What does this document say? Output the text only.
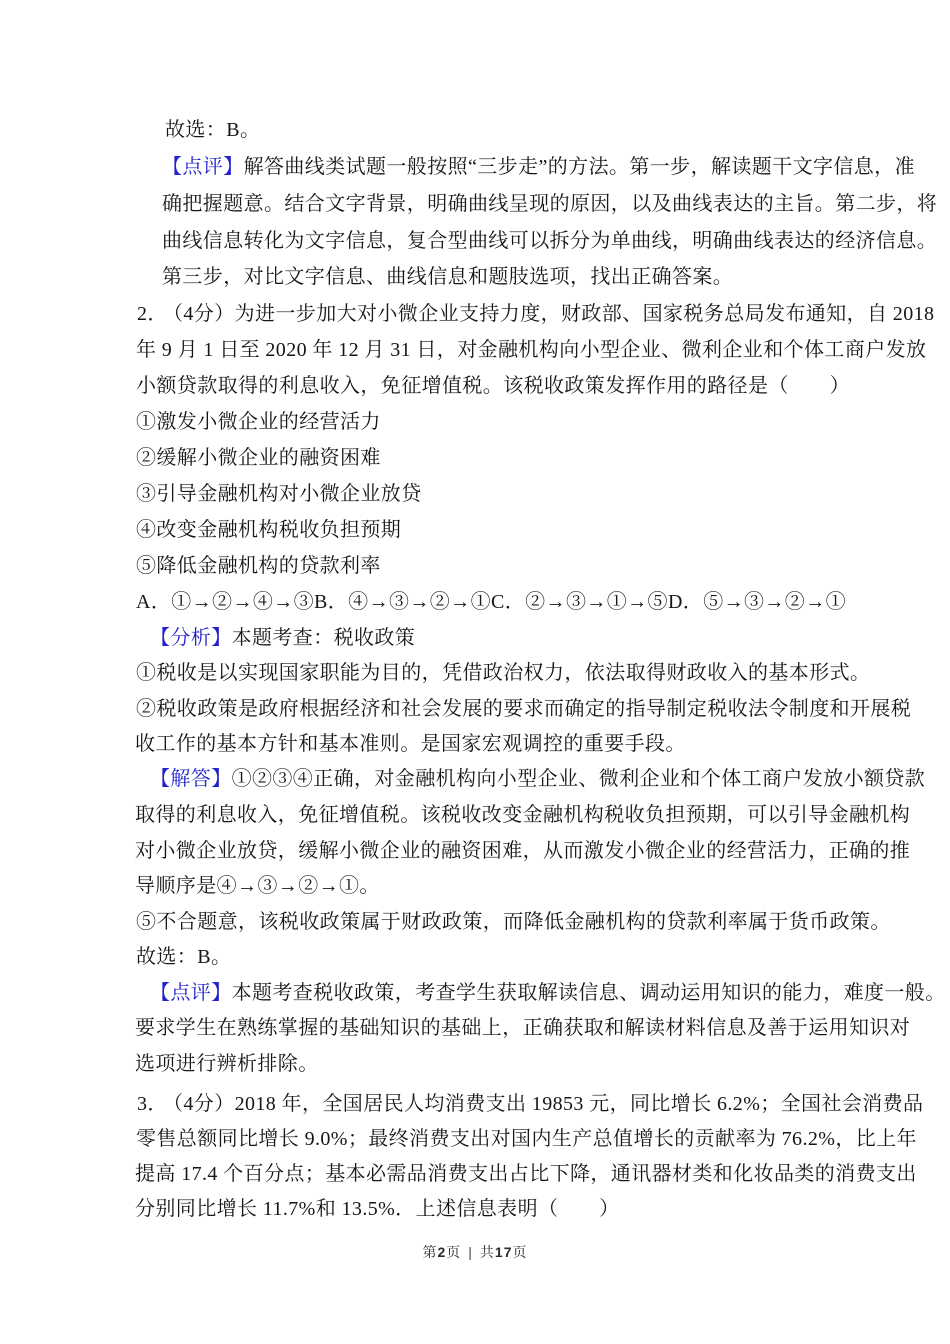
故选：B。
【点评】解答曲线类试题一般按照“三步走”的方法。第一步，解读题干文字信息，准
确把握题意。结合文字背景，明确曲线呈现的原因，以及曲线表达的主旨。第二步，将
曲线信息转化为文字信息，复合型曲线可以拆分为单曲线，明确曲线表达的经济信息。
第三步，对比文字信息、曲线信息和题肢选项，找出正确答案。
2．（4分）为进一步加大对小微企业支持力度，财政部、国家税务总局发布通知，自 2018
年 9 月 1 日至 2020 年 12 月 31 日，对金融机构向小型企业、微利企业和个体工商户发放
小额贷款取得的利息收入，免征增值税。该税收政策发挥作用的路径是（　　）
①激发小微企业的经营活力
②缓解小微企业的融资困难
③引导金融机构对小微企业放贷
④改变金融机构税收负担预期
⑤降低金融机构的贷款利率
A．①→②→④→③ B．④→③→②→① C．②→③→①→⑤ D．⑤→③→②→①
【分析】本题考查：税收政策
①税收是以实现国家职能为目的，凭借政治权力，依法取得财政收入的基本形式。
②税收政策是政府根据经济和社会发展的要求而确定的指导制定税收法令制度和开展税
收工作的基本方针和基本准则。是国家宏观调控的重要手段。
【解答】①②③④正确，对金融机构向小型企业、微利企业和个体工商户发放小额贷款
取得的利息收入，免征增值税。该税收改变金融机构税收负担预期，可以引导金融机构
对小微企业放贷，缓解小微企业的融资困难，从而激发小微企业的经营活力，正确的推
导顺序是④→③→②→①。
⑤不合题意，该税收政策属于财政政策，而降低金融机构的贷款利率属于货币政策。
故选：B。
【点评】本题考查税收政策，考查学生获取解读信息、调动运用知识的能力，难度一般。
要求学生在熟练掌握的基础知识的基础上，正确获取和解读材料信息及善于运用知识对
选项进行辨析排除。
3．（4分）2018 年，全国居民人均消费支出 19853 元，同比增长 6.2%；全国社会消费品
零售总额同比增长 9.0%；最终消费支出对国内生产总值增长的贡献率为 76.2%，比上年
提高 17.4 个百分点；基本必需品消费支出占比下降，通讯器材类和化妆品类的消费支出
分别同比增长 11.7%和 13.5%．上述信息表明（　　）
第2页 | 共17页
